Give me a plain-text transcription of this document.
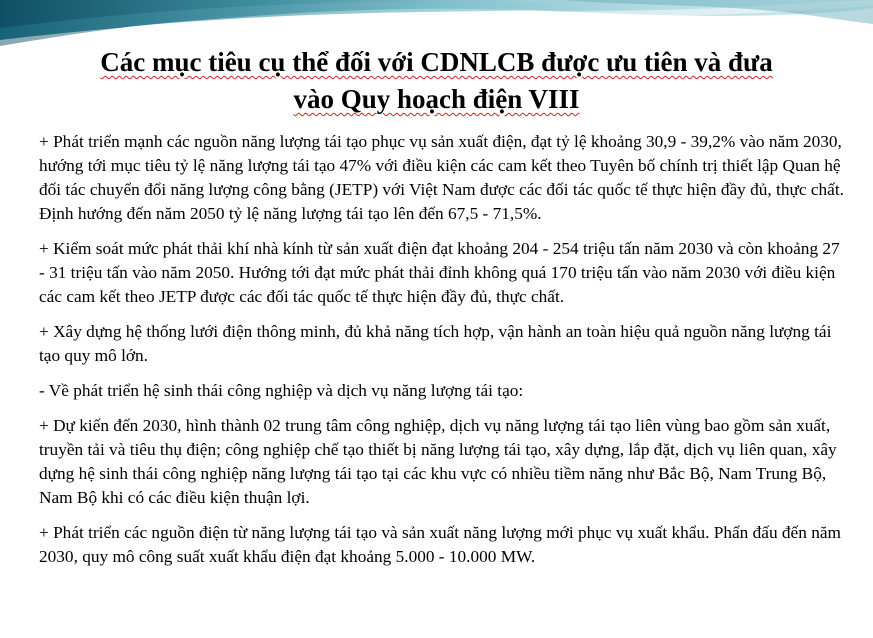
Các mục tiêu cụ thể đối với CDNLCB được ưu tiên và đưa
vào Quy hoạch điện VIII

+ Phát triển mạnh các nguồn năng lượng tái tạo phục vụ sản xuất điện, đạt tỷ lệ khoảng 30,9 - 39,2% vào năm 2030, hướng tới mục tiêu tỷ lệ năng lượng tái tạo 47% với điều kiện các cam kết theo Tuyên bố chính trị thiết lập Quan hệ đối tác chuyển đổi năng lượng công bằng (JETP) với Việt Nam được các đối tác quốc tế thực hiện đầy đủ, thực chất. Định hướng đến năm 2050 tỷ lệ năng lượng tái tạo lên đến 67,5 - 71,5%.

+ Kiểm soát mức phát thải khí nhà kính từ sản xuất điện đạt khoảng 204 - 254 triệu tấn năm 2030 và còn khoảng 27 - 31 triệu tấn vào năm 2050. Hướng tới đạt mức phát thải đỉnh không quá 170 triệu tấn vào năm 2030 với điều kiện các cam kết theo JETP được các đối tác quốc tế thực hiện đầy đủ, thực chất.

+ Xây dựng hệ thống lưới điện thông minh, đủ khả năng tích hợp, vận hành an toàn hiệu quả nguồn năng lượng tái tạo quy mô lớn.

- Về phát triển hệ sinh thái công nghiệp và dịch vụ năng lượng tái tạo:

+ Dự kiến đến 2030, hình thành 02 trung tâm công nghiệp, dịch vụ năng lượng tái tạo liên vùng bao gồm sản xuất, truyền tải và tiêu thụ điện; công nghiệp chế tạo thiết bị năng lượng tái tạo, xây dựng, lắp đặt, dịch vụ liên quan, xây dựng hệ sinh thái công nghiệp năng lượng tái tạo tại các khu vực có nhiều tiềm năng như Bắc Bộ, Nam Trung Bộ, Nam Bộ khi có các điều kiện thuận lợi.

+ Phát triển các nguồn điện từ năng lượng tái tạo và sản xuất năng lượng mới phục vụ xuất khẩu. Phấn đấu đến năm 2030, quy mô công suất xuất khẩu điện đạt khoảng 5.000 - 10.000 MW.
